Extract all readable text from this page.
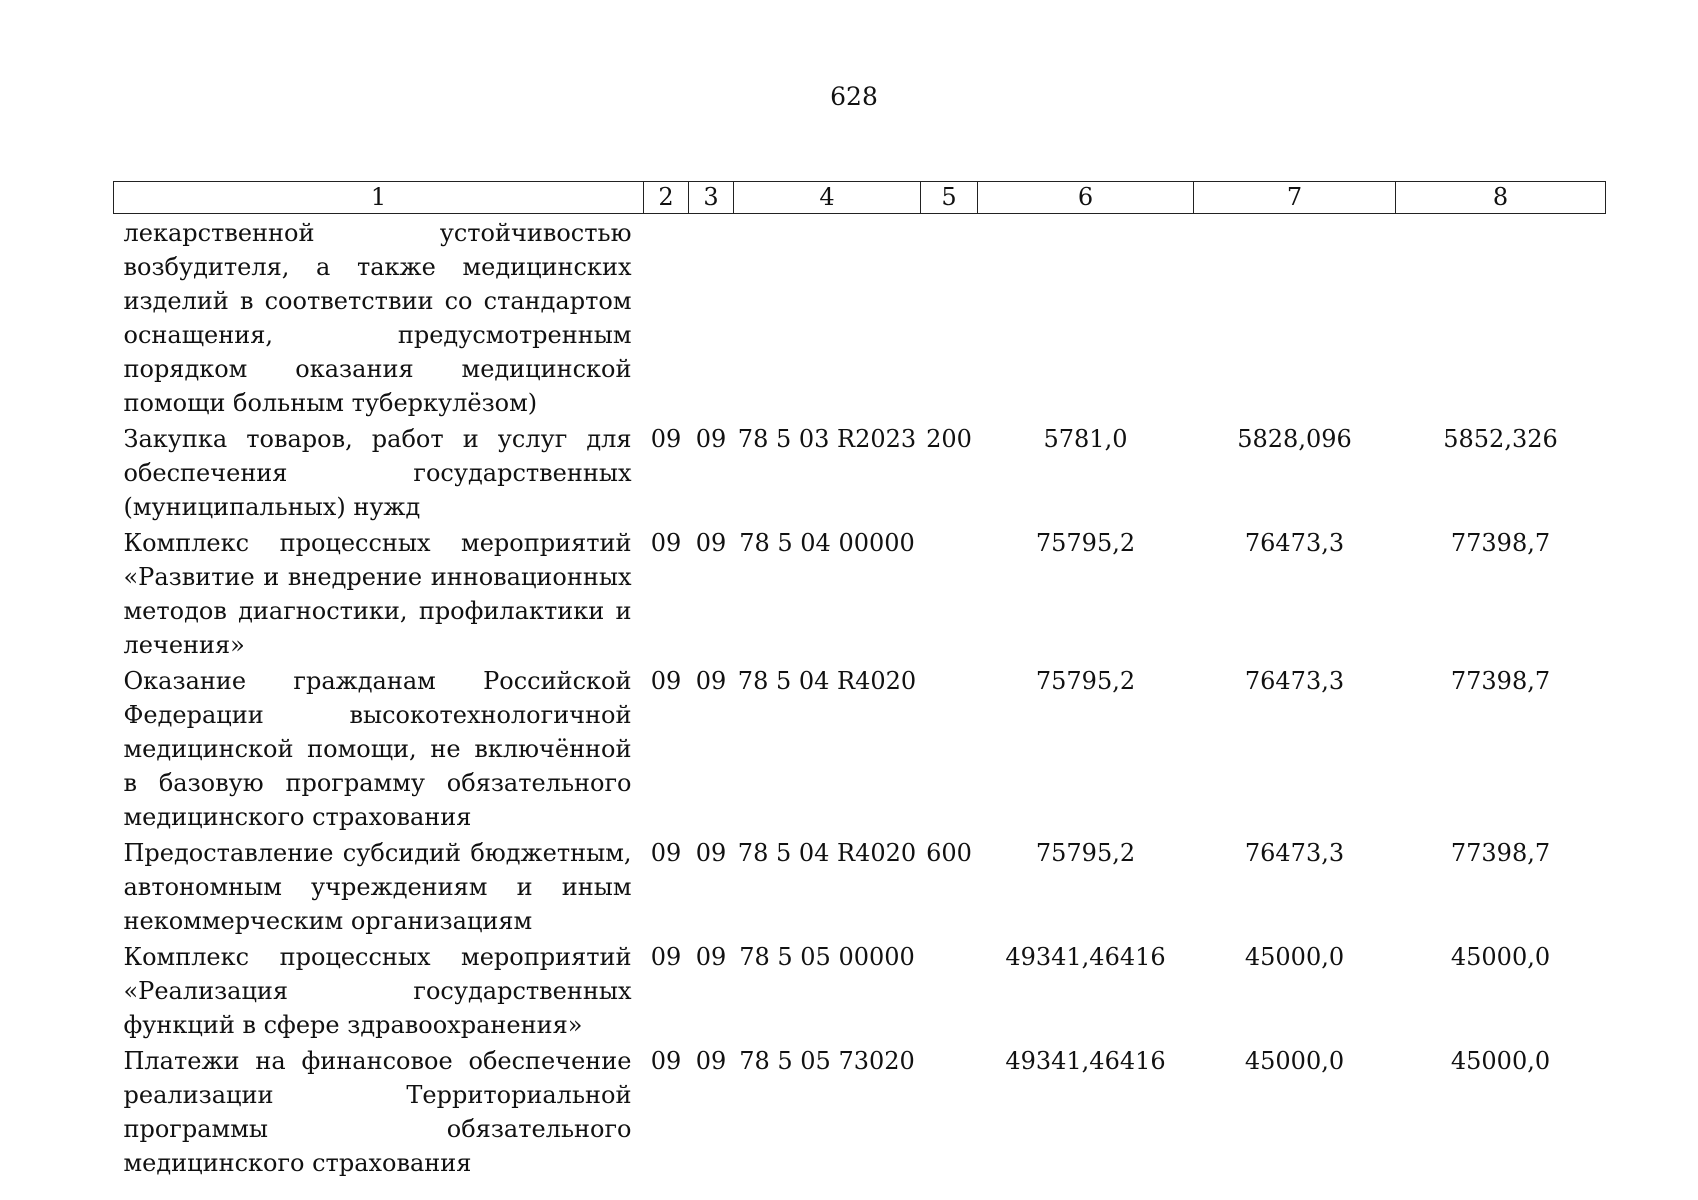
628
1	2	3	4	5	6	7	8
лекарственной устойчивостью возбудителя, а также медицинских изделий в соответствии со стандартом оснащения, предусмотренным порядком оказания медицинской помощи больным туберкулёзом)							
Закупка товаров, работ и услуг для обеспечения государственных (муниципальных) нужд	09	09	78 5 03 R2023	200	5781,0	5828,096	5852,326
Комплекс процессных мероприятий «Развитие и внедрение инновационных методов диагностики, профилактики и лечения»	09	09	78 5 04 00000		75795,2	76473,3	77398,7
Оказание гражданам Российской Федерации высокотехнологичной медицинской помощи, не включённой в базовую программу обязательного медицинского страхования	09	09	78 5 04 R4020		75795,2	76473,3	77398,7
Предоставление субсидий бюджетным, автономным учреждениям и иным некоммерческим организациям	09	09	78 5 04 R4020	600	75795,2	76473,3	77398,7
Комплекс процессных мероприятий «Реализация государственных функций в сфере здравоохранения»	09	09	78 5 05 00000		49341,46416	45000,0	45000,0
Платежи на финансовое обеспечение реализации Территориальной программы обязательного медицинского страхования	09	09	78 5 05 73020		49341,46416	45000,0	45000,0
